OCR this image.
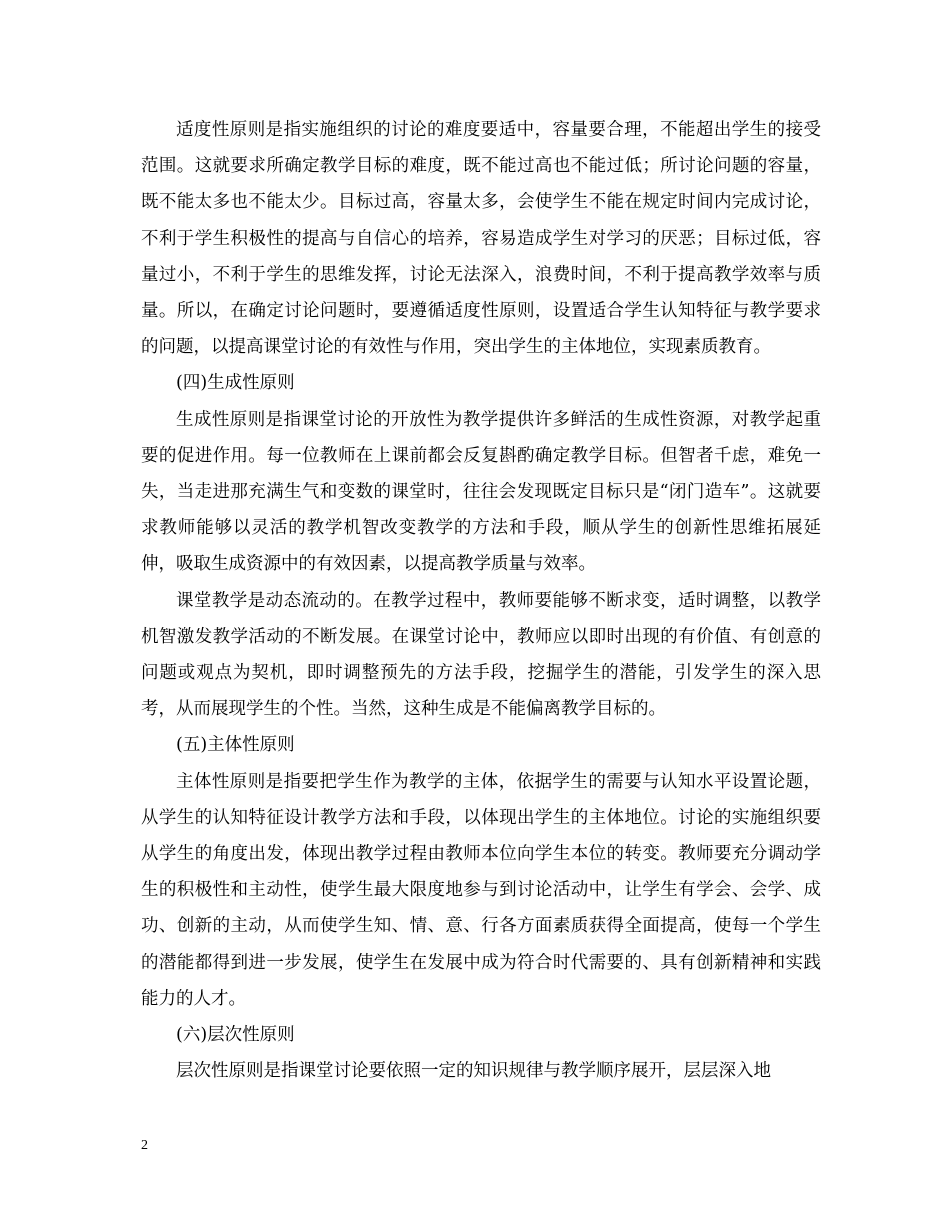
适度性原则是指实施组织的讨论的难度要适中，容量要合理，不能超出学生的接受范围。这就要求所确定教学目标的难度，既不能过高也不能过低；所讨论问题的容量，既不能太多也不能太少。目标过高，容量太多，会使学生不能在规定时间内完成讨论，不利于学生积极性的提高与自信心的培养，容易造成学生对学习的厌恶；目标过低，容量过小，不利于学生的思维发挥，讨论无法深入，浪费时间，不利于提高教学效率与质量。所以，在确定讨论问题时，要遵循适度性原则，设置适合学生认知特征与教学要求的问题，以提高课堂讨论的有效性与作用，突出学生的主体地位，实现素质教育。

(四)生成性原则

生成性原则是指课堂讨论的开放性为教学提供许多鲜活的生成性资源，对教学起重要的促进作用。每一位教师在上课前都会反复斟酌确定教学目标。但智者千虑，难免一失，当走进那充满生气和变数的课堂时，往往会发现既定目标只是“闭门造车”。这就要求教师能够以灵活的教学机智改变教学的方法和手段，顺从学生的创新性思维拓展延伸，吸取生成资源中的有效因素，以提高教学质量与效率。

课堂教学是动态流动的。在教学过程中，教师要能够不断求变，适时调整，以教学机智激发教学活动的不断发展。在课堂讨论中，教师应以即时出现的有价值、有创意的问题或观点为契机，即时调整预先的方法手段，挖掘学生的潜能，引发学生的深入思考，从而展现学生的个性。当然，这种生成是不能偏离教学目标的。

(五)主体性原则

主体性原则是指要把学生作为教学的主体，依据学生的需要与认知水平设置论题，从学生的认知特征设计教学方法和手段，以体现出学生的主体地位。讨论的实施组织要从学生的角度出发，体现出教学过程由教师本位向学生本位的转变。教师要充分调动学生的积极性和主动性，使学生最大限度地参与到讨论活动中，让学生有学会、会学、成功、创新的主动，从而使学生知、情、意、行各方面素质获得全面提高，使每一个学生的潜能都得到进一步发展，使学生在发展中成为符合时代需要的、具有创新精神和实践能力的人才。

(六)层次性原则

层次性原则是指课堂讨论要依照一定的知识规律与教学顺序展开，层层深入地

2
